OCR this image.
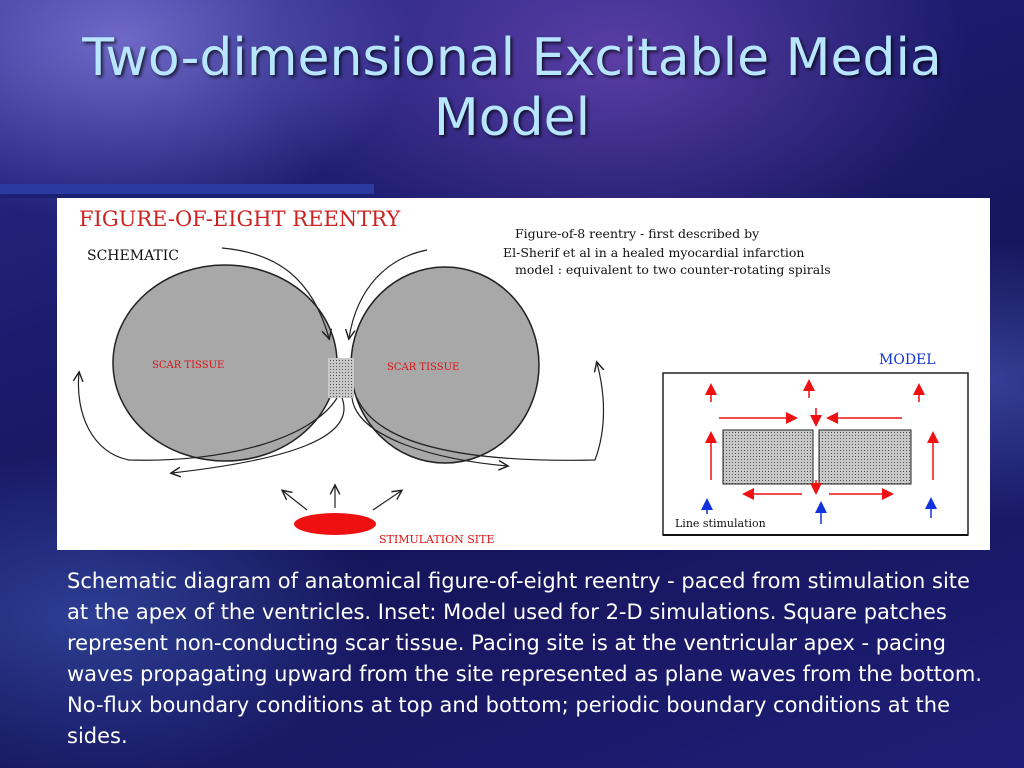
Two-dimensional Excitable Media
Model
FIGURE-OF-EIGHT REENTRY
SCHEMATIC
Figure-of-8 reentry - first described by
El-Sherif et al in a healed myocardial infarction
model : equivalent to two counter-rotating spirals
SCAR TISSUE	SCAR TISSUE
STIMULATION SITE
MODEL
Line stimulation

Schematic diagram of anatomical figure-of-eight reentry - paced from stimulation site at the apex of the ventricles. Inset: Model used for 2-D simulations. Square patches represent non-conducting scar tissue. Pacing site is at the ventricular apex - pacing waves propagating upward from the site represented as plane waves from the bottom.

No-flux boundary conditions at top and bottom; periodic boundary conditions at the sides.
